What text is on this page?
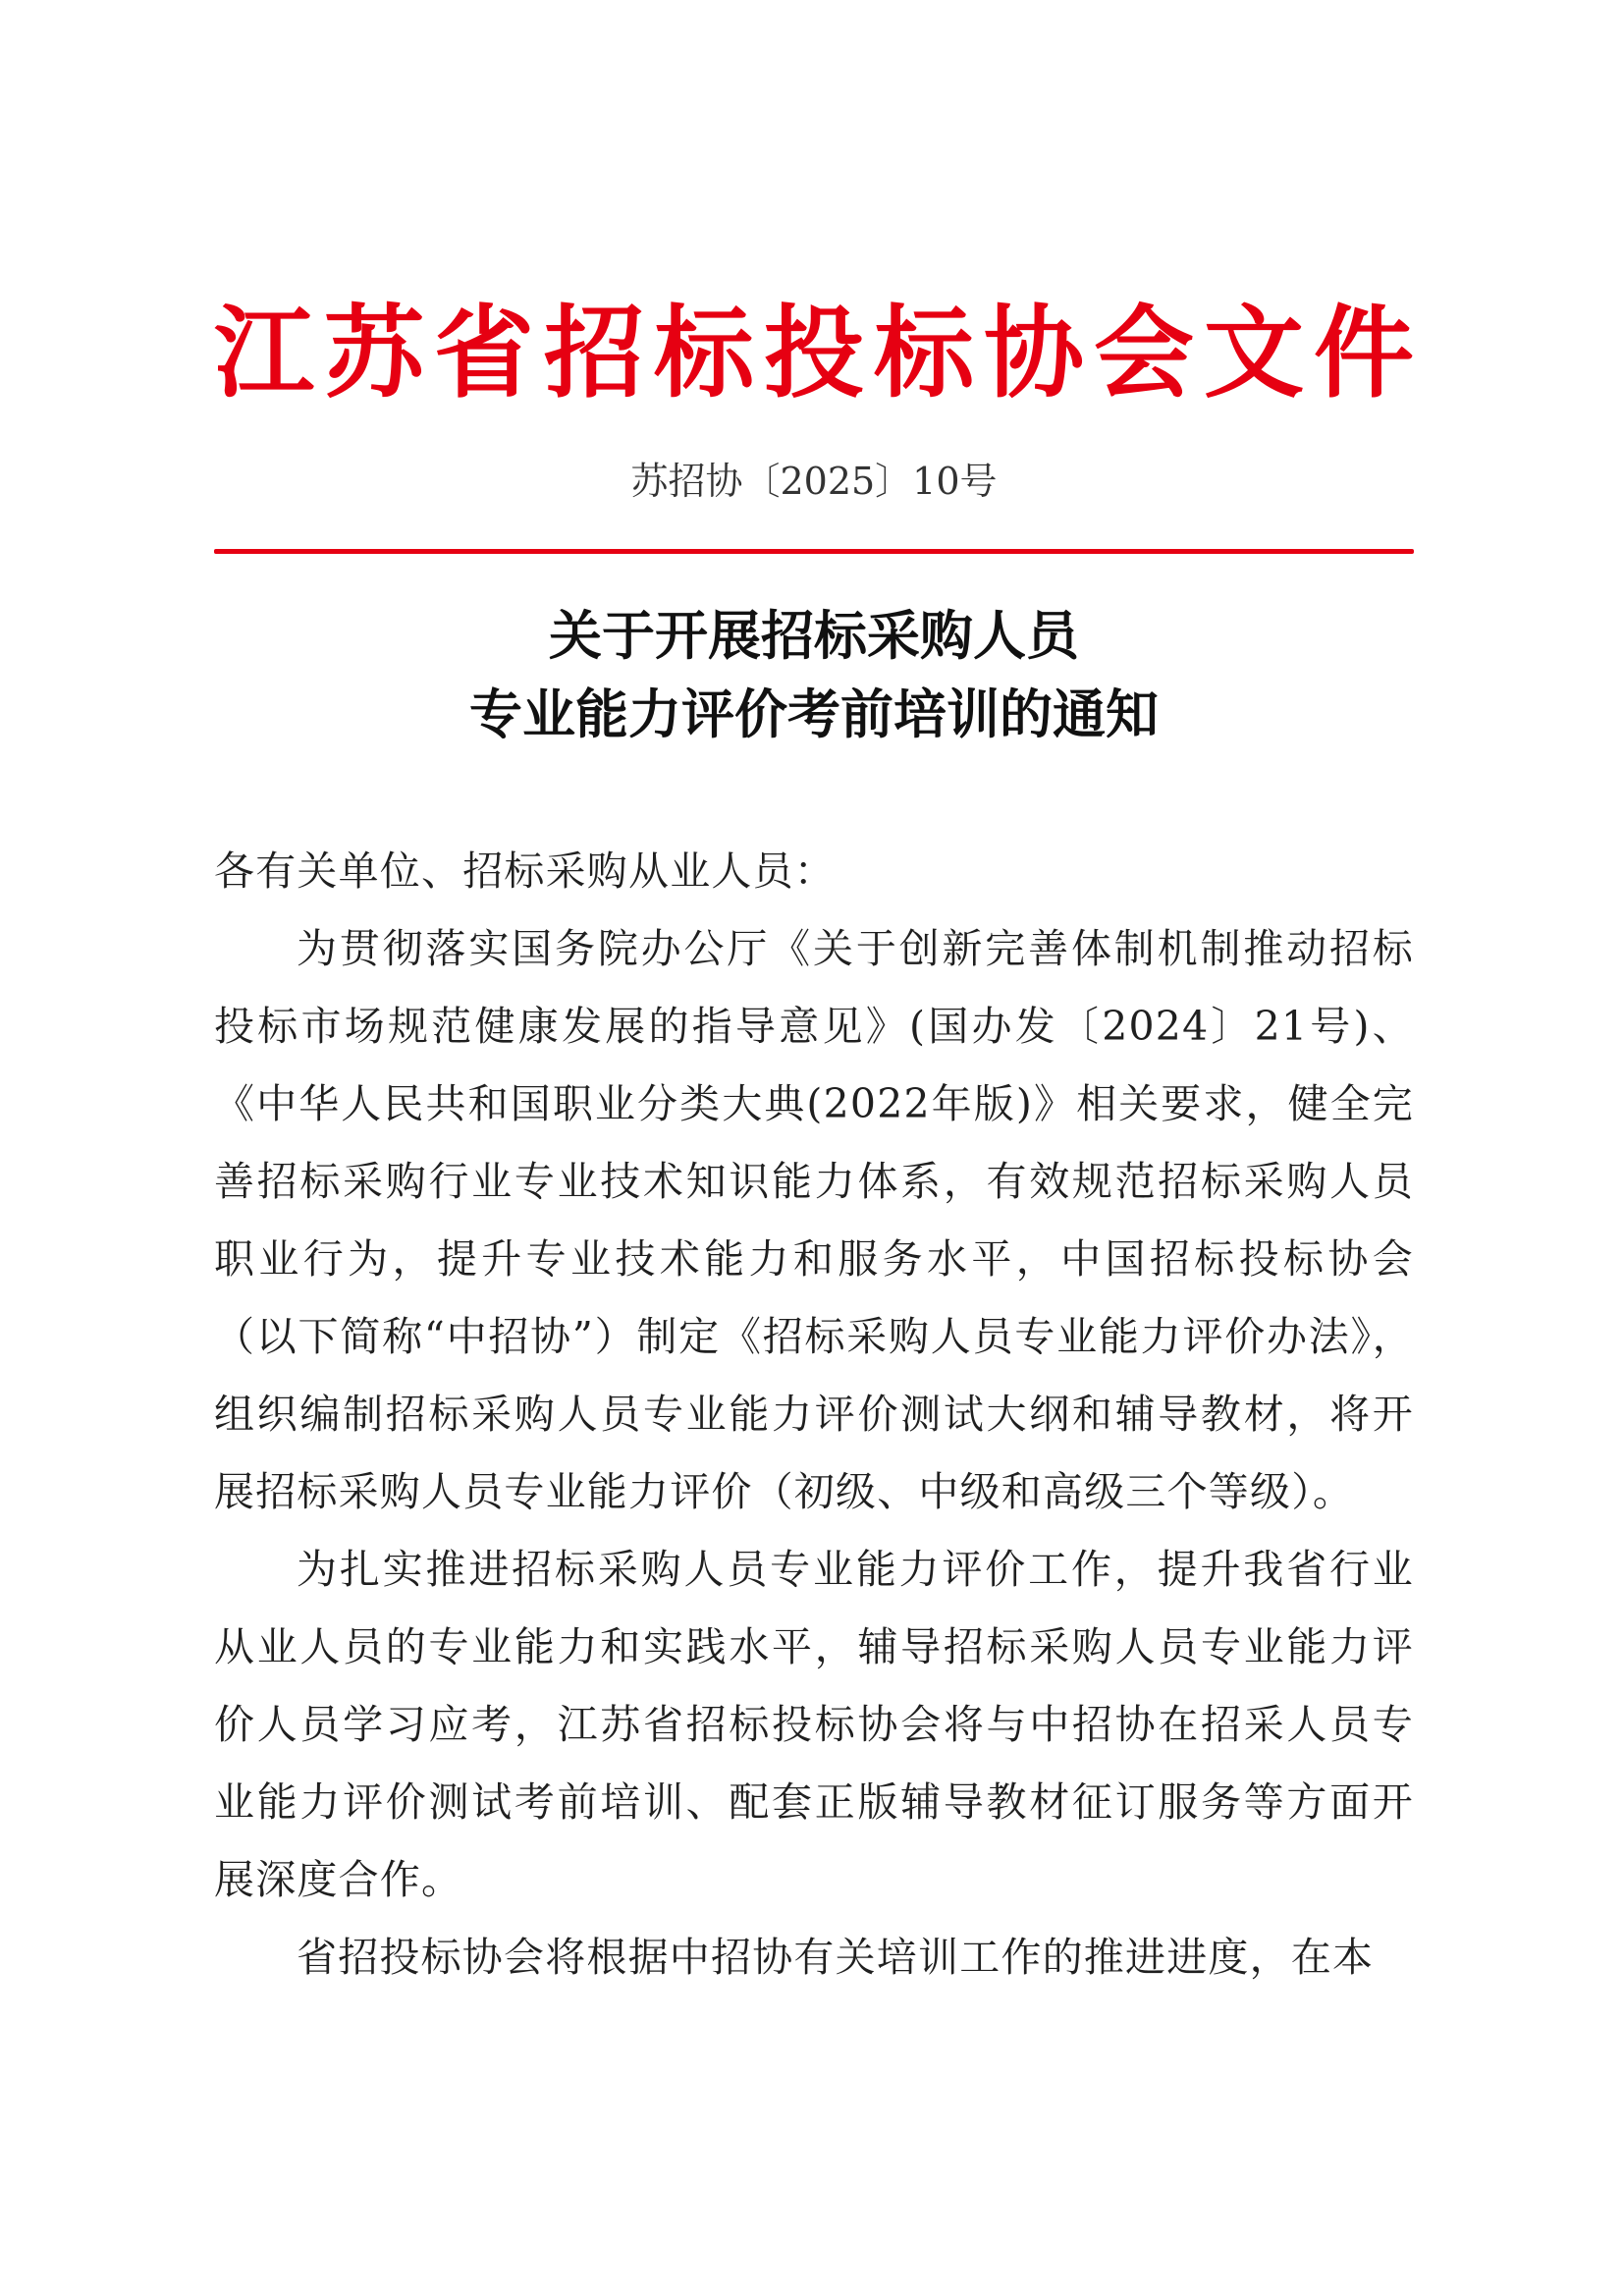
江苏省招标投标协会文件
苏招协〔2025〕10号
关于开展招标采购人员
专业能力评价考前培训的通知

各有关单位、招标采购从业人员：

为贯彻落实国务院办公厅《关于创新完善体制机制推动招标投标市场规范健康发展的指导意见》(国办发〔2024〕21号)、《中华人民共和国职业分类大典(2022年版)》相关要求，健全完善招标采购行业专业技术知识能力体系，有效规范招标采购人员职业行为，提升专业技术能力和服务水平，中国招标投标协会（以下简称“中招协”）制定《招标采购人员专业能力评价办法》，组织编制招标采购人员专业能力评价测试大纲和辅导教材，将开展招标采购人员专业能力评价（初级、中级和高级三个等级）。

为扎实推进招标采购人员专业能力评价工作，提升我省行业从业人员的专业能力和实践水平，辅导招标采购人员专业能力评价人员学习应考，江苏省招标投标协会将与中招协在招采人员专业能力评价测试考前培训、配套正版辅导教材征订服务等方面开展深度合作。

省招投标协会将根据中招协有关培训工作的推进进度，在本
